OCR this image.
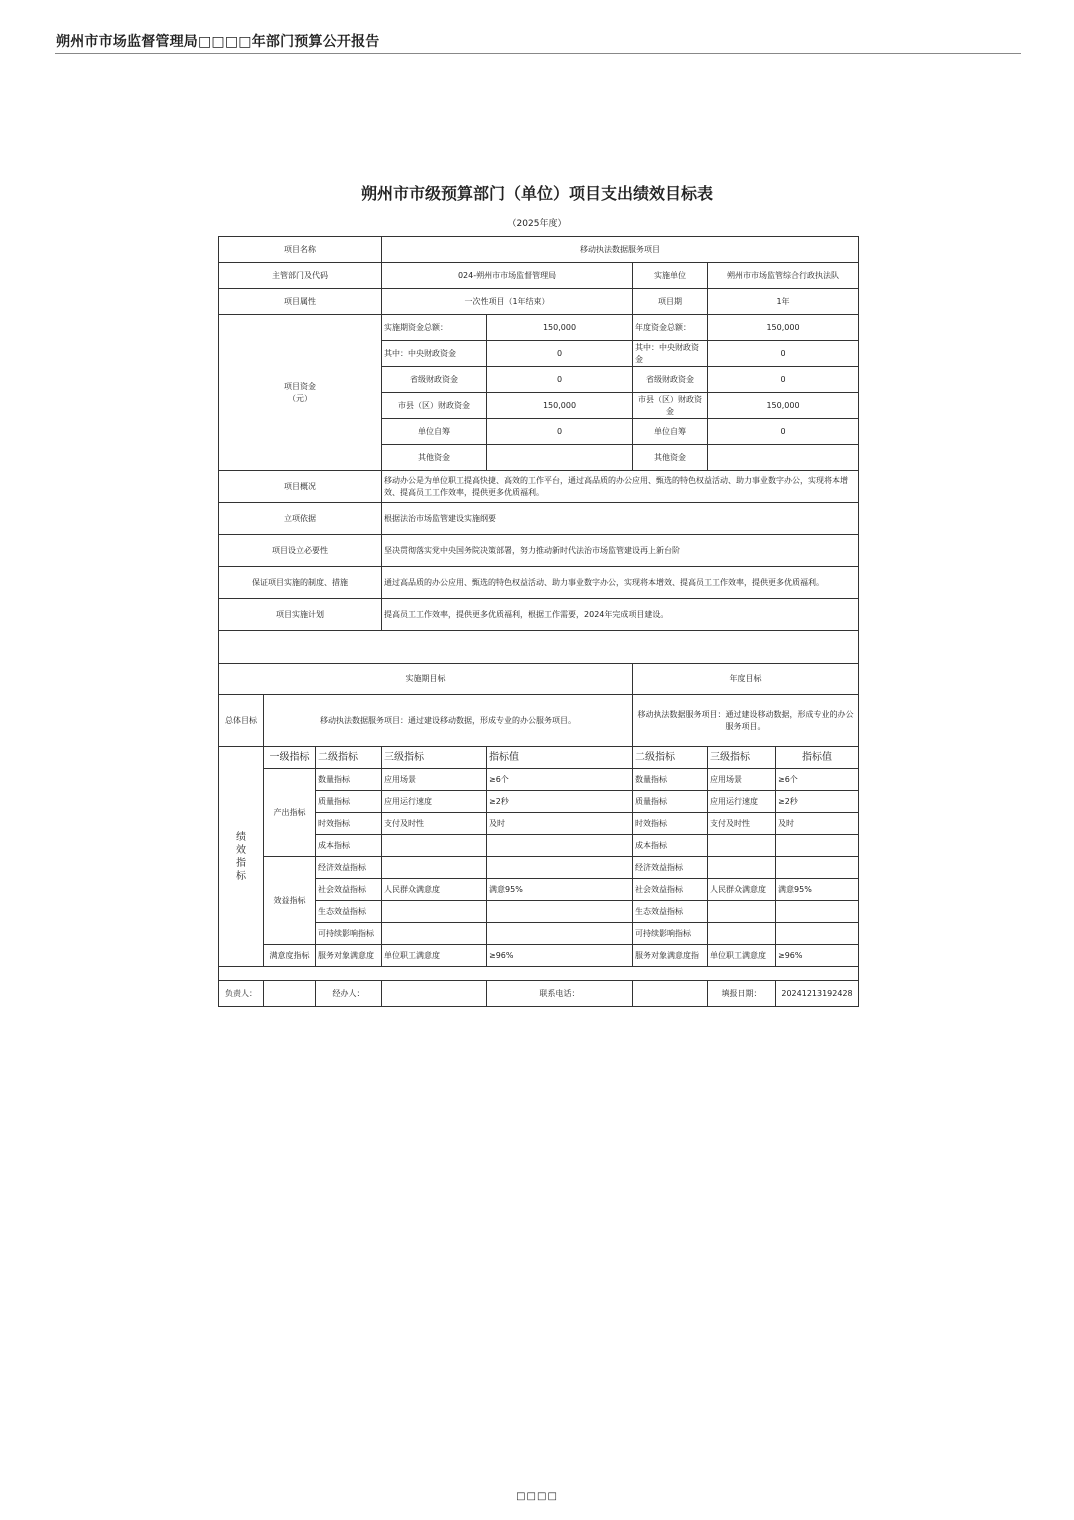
朔州市市场监督管理局□□□□年部门预算公开报告
朔州市市级预算部门（单位）项目支出绩效目标表
（2025年度）
项目名称			移动执法数据服务项目				
主管部门及代码			024-朔州市市场监督管理局		实施单位	朔州市市场监管综合行政执法队	
项目属性			一次性项目（1年结束）		项目期	1年	

项目资金
（元）			实施期资金总额：	150,000	年度资金总额：	150,000	
			其中：中央财政资金	0	其中：中央财政资金	0	
			省级财政资金	0	省级财政资金	0	
			市县（区）财政资金	150,000	市县（区）财政资金	150,000	
			单位自筹	0	单位自筹	0	
			其他资金		其他资金		
项目概况			移动办公是为单位职工提高快捷、高效的工作平台，通过高品质的办公应用、甄选的特色权益活动、助力事业数字办公，实现将本增效、提高员工工作效率，提供更多优质福利。				
立项依据			根据法治市场监管建设实施纲要				
项目设立必要性			坚决贯彻落实党中央国务院决策部署，努力推动新时代法治市场监管建设再上新台阶				
保证项目实施的制度、措施			通过高品质的办公应用、甄选的特色权益活动、助力事业数字办公，实现将本增效、提高员工工作效率，提供更多优质福利。				
项目实施计划			提高员工工作效率，提供更多优质福利，根据工作需要，2024年完成项目建设。				

实施期目标					年度目标		
总体目标	移动执法数据服务项目：通过建设移动数据，形成专业的办公服务项目。				移动执法数据服务项目：通过建设移动数据，形成专业的办公服务项目。		

绩
效
指
标	一级指标	二级指标	三级指标	指标值	二级指标	三级指标	指标值
	产出指标	数量指标	应用场景	≥6个	数量指标	应用场景	≥6个
		质量指标	应用运行速度	≥2秒	质量指标	应用运行速度	≥2秒
		时效指标	支付及时性	及时	时效指标	支付及时性	及时
		成本指标			成本指标		
	效益指标	经济效益指标			经济效益指标		
		社会效益指标	人民群众满意度	满意95%	社会效益指标	人民群众满意度	满意95%
		生态效益指标			生态效益指标		
		可持续影响指标			可持续影响指标		
	满意度指标	服务对象满意度	单位职工满意度	≥96%	服务对象满意度指	单位职工满意度	≥96%

负责人：		经办人：		联系电话：		填报日期：	20241213192428
□□□□
